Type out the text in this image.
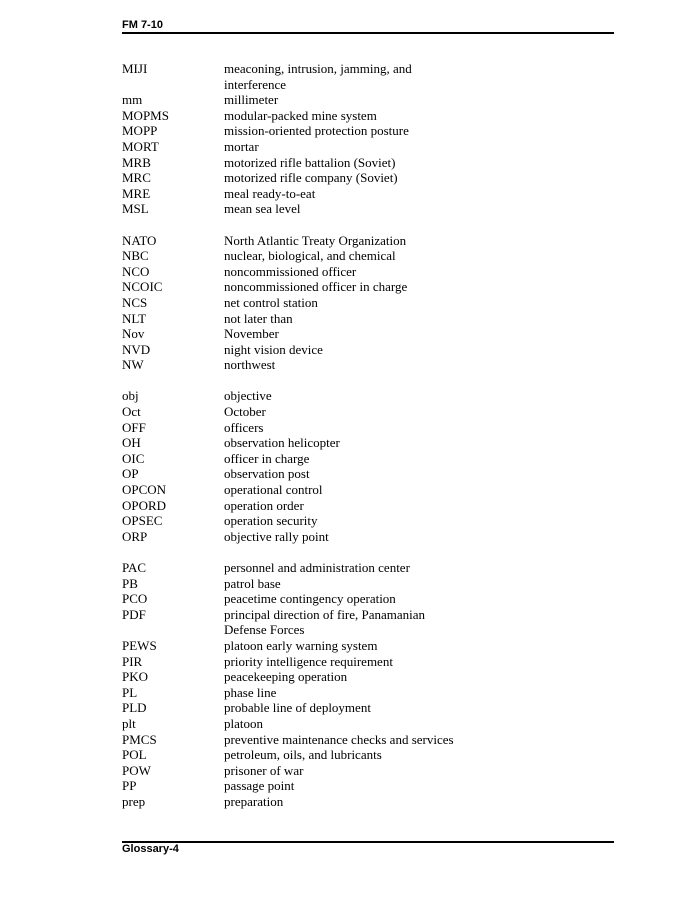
FM 7-10
MIJI	meaconing, intrusion, jamming, and interference
mm	millimeter
MOPMS	modular-packed mine system
MOPP	mission-oriented protection posture
MORT	mortar
MRB	motorized rifle battalion (Soviet)
MRC	motorized rifle company (Soviet)
MRE	meal ready-to-eat
MSL	mean sea level
NATO	North Atlantic Treaty Organization
NBC	nuclear, biological, and chemical
NCO	noncommissioned officer
NCOIC	noncommissioned officer in charge
NCS	net control station
NLT	not later than
Nov	November
NVD	night vision device
NW	northwest
obj	objective
Oct	October
OFF	officers
OH	observation helicopter
OIC	officer in charge
OP	observation post
OPCON	operational control
OPORD	operation order
OPSEC	operation security
ORP	objective rally point
PAC	personnel and administration center
PB	patrol base
PCO	peacetime contingency operation
PDF	principal direction of fire, Panamanian Defense Forces
PEWS	platoon early warning system
PIR	priority intelligence requirement
PKO	peacekeeping operation
PL	phase line
PLD	probable line of deployment
plt	platoon
PMCS	preventive maintenance checks and services
POL	petroleum, oils, and lubricants
POW	prisoner of war
PP	passage point
prep	preparation
Glossary-4
